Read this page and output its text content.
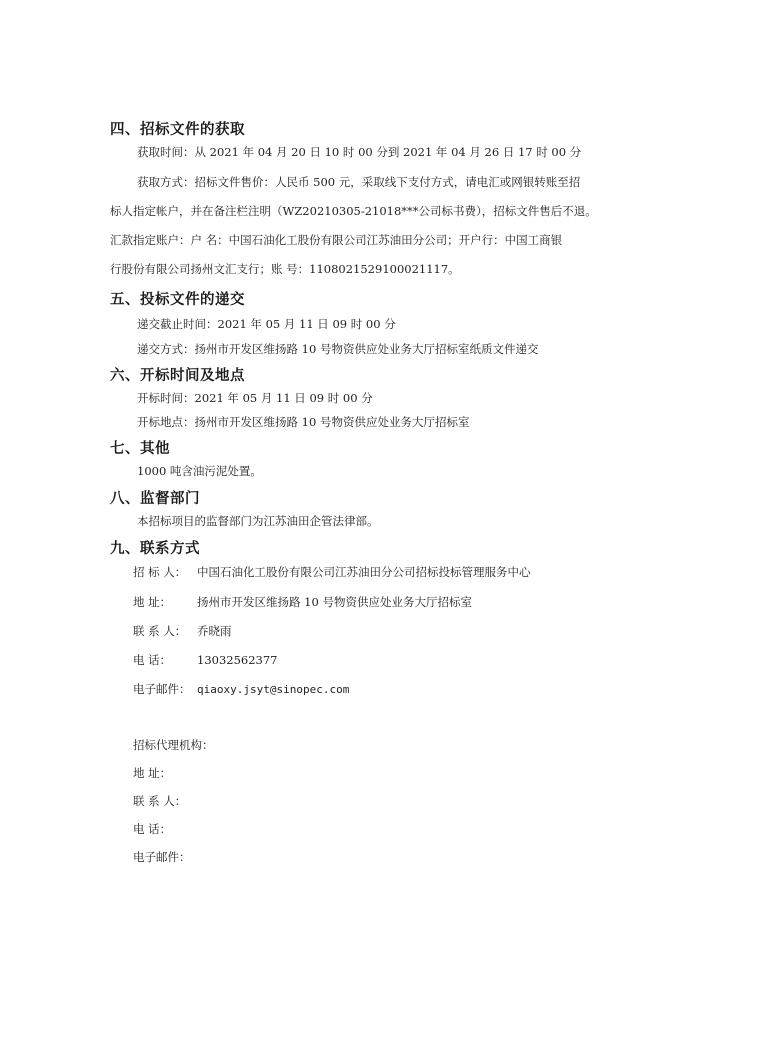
四、招标文件的获取
获取时间：从 2021 年 04 月 20 日 10 时 00 分到 2021 年 04 月 26 日 17 时 00 分
获取方式：招标文件售价：人民币 500 元，采取线下支付方式，请电汇或网银转账至招
标人指定帐户，并在备注栏注明（WZ20210305-21018***公司标书费），招标文件售后不退。
汇款指定账户：户 名：中国石油化工股份有限公司江苏油田分公司；开户行：中国工商银
行股份有限公司扬州文汇支行；账 号：1108021529100021117。
五、投标文件的递交
递交截止时间：2021 年 05 月 11 日 09 时 00 分
递交方式：扬州市开发区维扬路 10 号物资供应处业务大厅招标室纸质文件递交
六、开标时间及地点
开标时间：2021 年 05 月 11 日 09 时 00 分
开标地点：扬州市开发区维扬路 10 号物资供应处业务大厅招标室
七、其他
1000 吨含油污泥处置。
八、监督部门
本招标项目的监督部门为江苏油田企管法律部。
九、联系方式
招 标 人： 中国石油化工股份有限公司江苏油田分公司招标投标管理服务中心
地 址： 扬州市开发区维扬路 10 号物资供应处业务大厅招标室
联 系 人： 乔晓雨
电 话： 13032562377
电子邮件： qiaoxy.jsyt@sinopec.com
招标代理机构：
地 址：
联 系 人：
电 话：
电子邮件：
